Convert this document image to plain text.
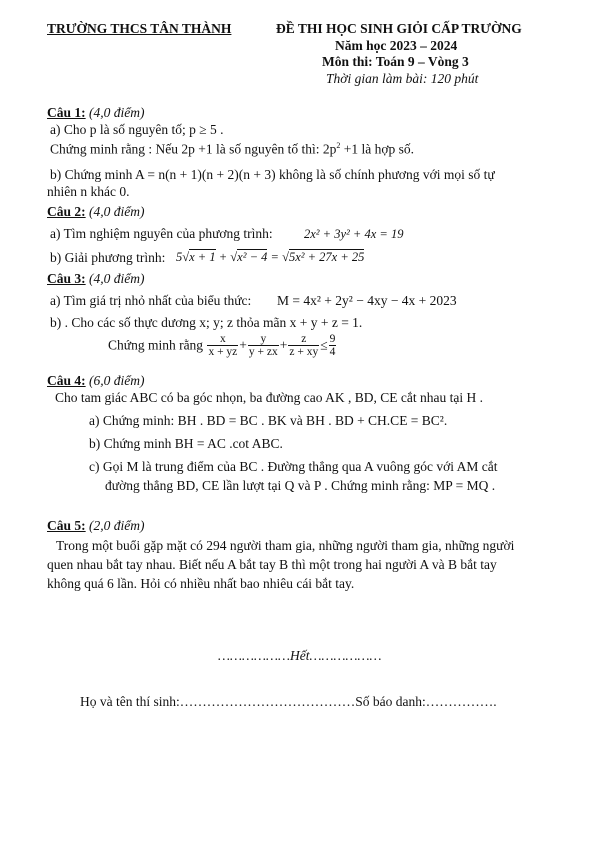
TRƯỜNG THCS TÂN THÀNH	ĐỀ THI HỌC SINH GIỎI CẤP TRƯỜNG
Năm học 2023 – 2024
Môn thi: Toán 9 – Vòng 3
Thời gian làm bài: 120 phút
Câu 1: (4,0 điểm)
a) Cho p là số nguyên tố; p ≥ 5 .
Chứng minh rằng : Nếu 2p +1 là số nguyên tố thì: $2p^2 +1$ là hợp số.
b) Chứng minh A = n(n + 1)(n + 2)(n + 3) không là số chính phương với mọi số tự
nhiên n khác 0.
Câu 2: (4,0 điểm)
a) Tìm nghiệm nguyên của phương trình:	2x² + 3y² + 4x = 19
b) Giải phương trình: 5√x + 1 + √x² − 4 = √5x² + 27x + 25
Câu 3: (4,0 điểm)
a) Tìm giá trị nhỏ nhất của biểu thức: M = 4x² + 2y² − 4xy − 4x + 2023
b) . Cho các số thực dương x; y; z thỏa mãn x + y + z = 1.
Chứng minh rằng $\frac{x}{x + yz} + \frac{y}{y + zx} + \frac{z}{z + xy} \le \frac{9}{4}$
Câu 4: (6,0 điểm)
Cho tam giác ABC có ba góc nhọn, ba đường cao AK , BD, CE cắt nhau tại H .
a) Chứng minh: BH . BD = BC . BK và BH . BD + CH.CE = BC².
b) Chứng minh BH = AC .cot ABC.
c) Gọi M là trung điểm của BC . Đường thẳng qua A vuông góc với AM cắt
đường thẳng BD, CE lần lượt tại Q và P . Chứng minh rằng: MP = MQ .
Câu 5: (2,0 điểm)
Trong một buổi gặp mặt có 294 người tham gia, những người tham gia, những người
quen nhau bắt tay nhau. Biết nếu A bắt tay B thì một trong hai người A và B bắt tay
không quá 6 lần. Hỏi có nhiều nhất bao nhiêu cái bắt tay.
………………Hết………………
Họ và tên thí sinh:…………………………………Số báo danh:…………….
